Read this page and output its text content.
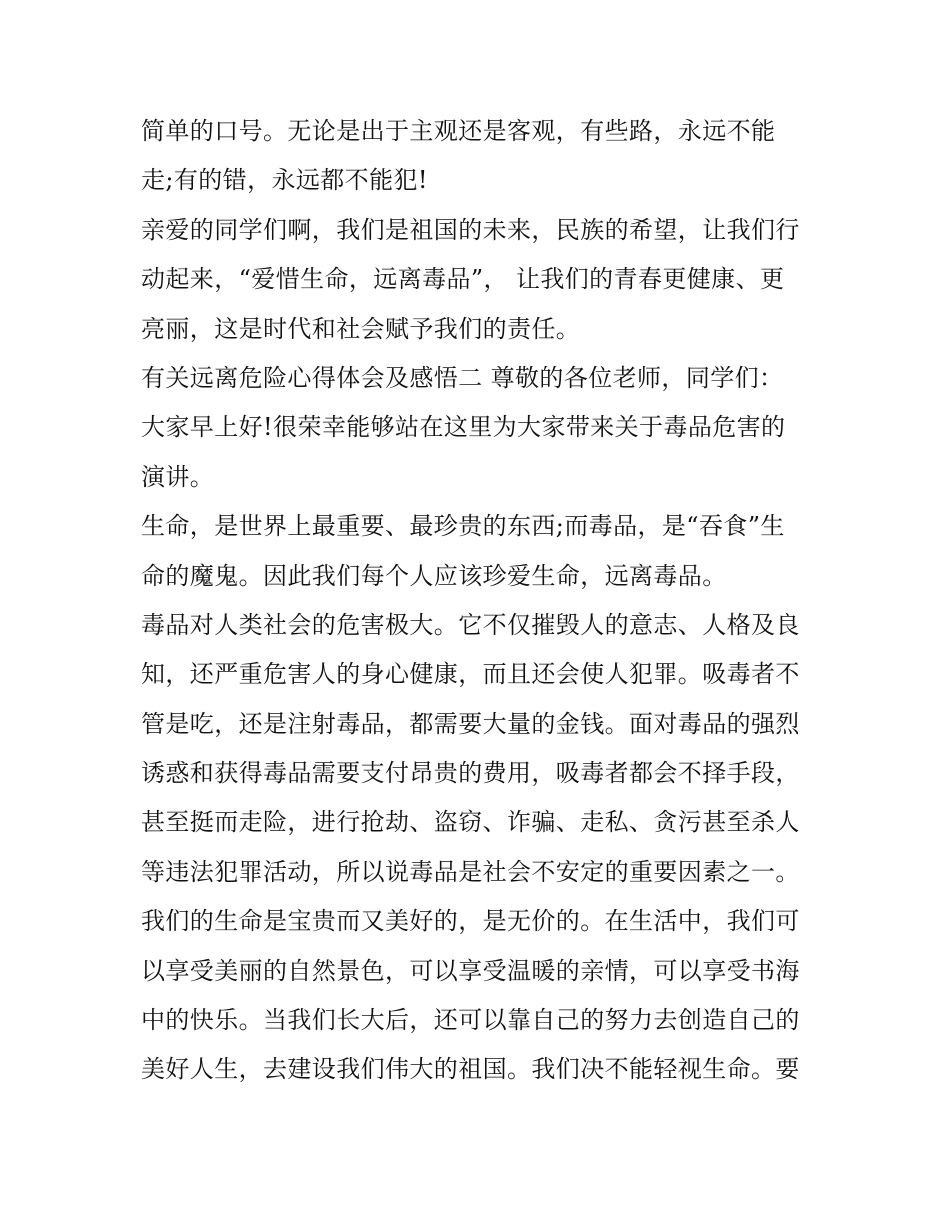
简单的口号。无论是出于主观还是客观，有些路，永远不能
走;有的错，永远都不能犯!
亲爱的同学们啊，我们是祖国的未来，民族的希望，让我们行
动起来，“爱惜生命，远离毒品”， 让我们的青春更健康、更
亮丽，这是时代和社会赋予我们的责任。
有关远离危险心得体会及感悟二 尊敬的各位老师，同学们：
大家早上好!很荣幸能够站在这里为大家带来关于毒品危害的
演讲。
生命，是世界上最重要、最珍贵的东西;而毒品，是“吞食”生
命的魔鬼。因此我们每个人应该珍爱生命，远离毒品。
毒品对人类社会的危害极大。它不仅摧毁人的意志、人格及良
知，还严重危害人的身心健康，而且还会使人犯罪。吸毒者不
管是吃，还是注射毒品，都需要大量的金钱。面对毒品的强烈
诱惑和获得毒品需要支付昂贵的费用，吸毒者都会不择手段，
甚至挺而走险，进行抢劫、盗窃、诈骗、走私、贪污甚至杀人
等违法犯罪活动，所以说毒品是社会不安定的重要因素之一。
我们的生命是宝贵而又美好的，是无价的。在生活中，我们可
以享受美丽的自然景色，可以享受温暖的亲情，可以享受书海
中的快乐。当我们长大后，还可以靠自己的努力去创造自己的
美好人生，去建设我们伟大的祖国。我们决不能轻视生命。要
